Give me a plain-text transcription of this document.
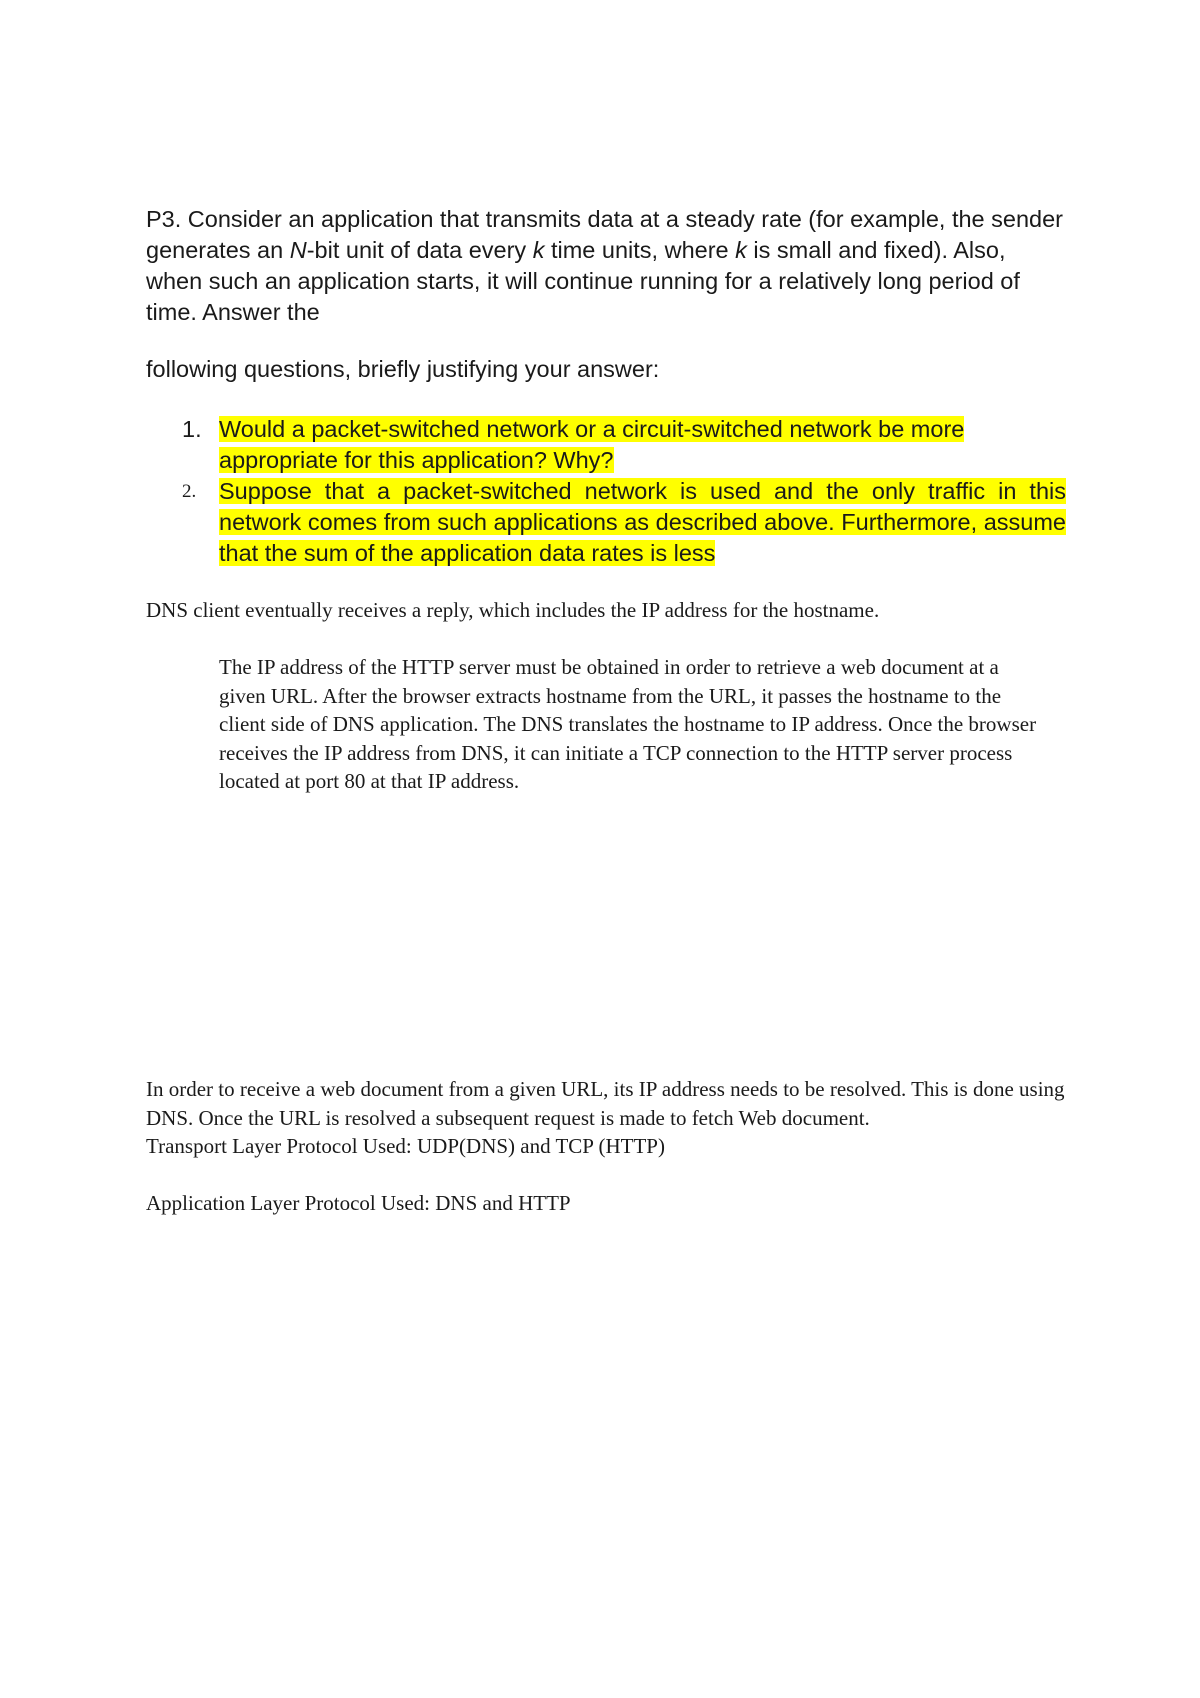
P3. Consider an application that transmits data at a steady rate (for example, the sender generates an N-bit unit of data every k time units, where k is small and fixed). Also, when such an application starts, it will continue running for a relatively long period of time. Answer the

following questions, briefly justifying your answer:

1. Would a packet-switched network or a circuit-switched network be more appropriate for this application? Why?
2. Suppose that a packet-switched network is used and the only traffic in this network comes from such applications as described above. Furthermore, assume that the sum of the application data rates is less

DNS client eventually receives a reply, which includes the IP address for the hostname.

The IP address of the HTTP server must be obtained in order to retrieve a web document at a given URL. After the browser extracts hostname from the URL, it passes the hostname to the client side of DNS application. The DNS translates the hostname to IP address. Once the browser receives the IP address from DNS, it can initiate a TCP connection to the HTTP server process located at port 80 at that IP address.

In order to receive a web document from a given URL, its IP address needs to be resolved. This is done using DNS. Once the URL is resolved a subsequent request is made to fetch Web document.

Transport Layer Protocol Used: UDP(DNS) and TCP (HTTP)

Application Layer Protocol Used: DNS and HTTP
